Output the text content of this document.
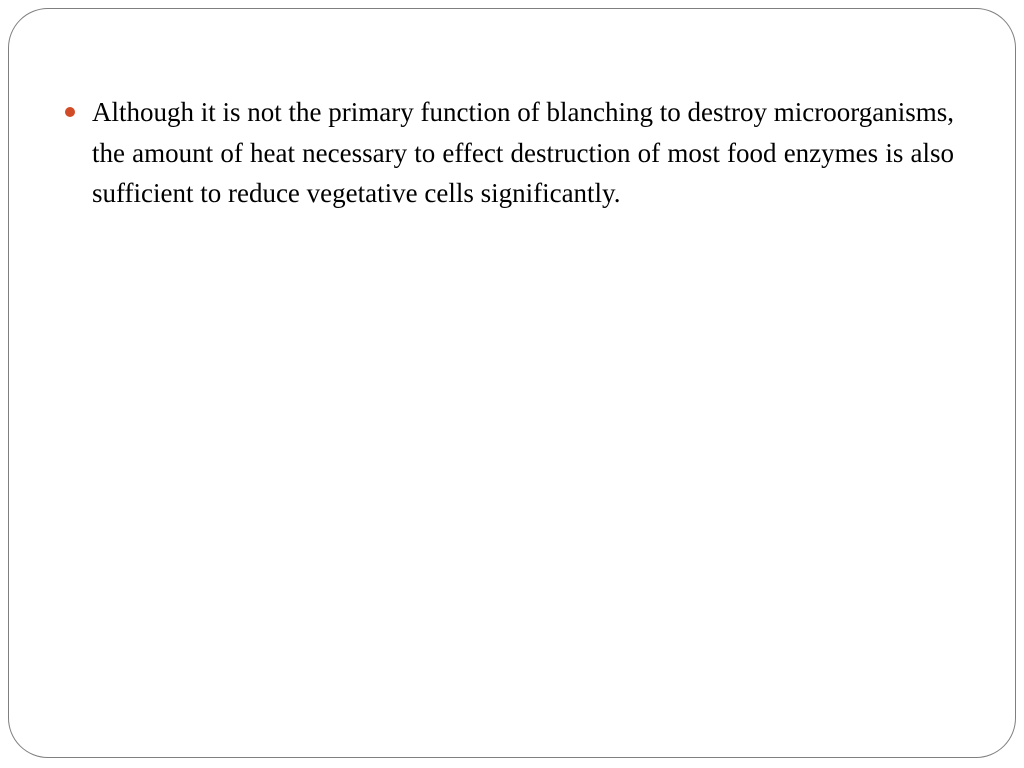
Although it is not the primary function of blanching to destroy microorganisms, the amount of heat necessary to effect destruction of most food enzymes is also sufficient to reduce vegetative cells significantly.
